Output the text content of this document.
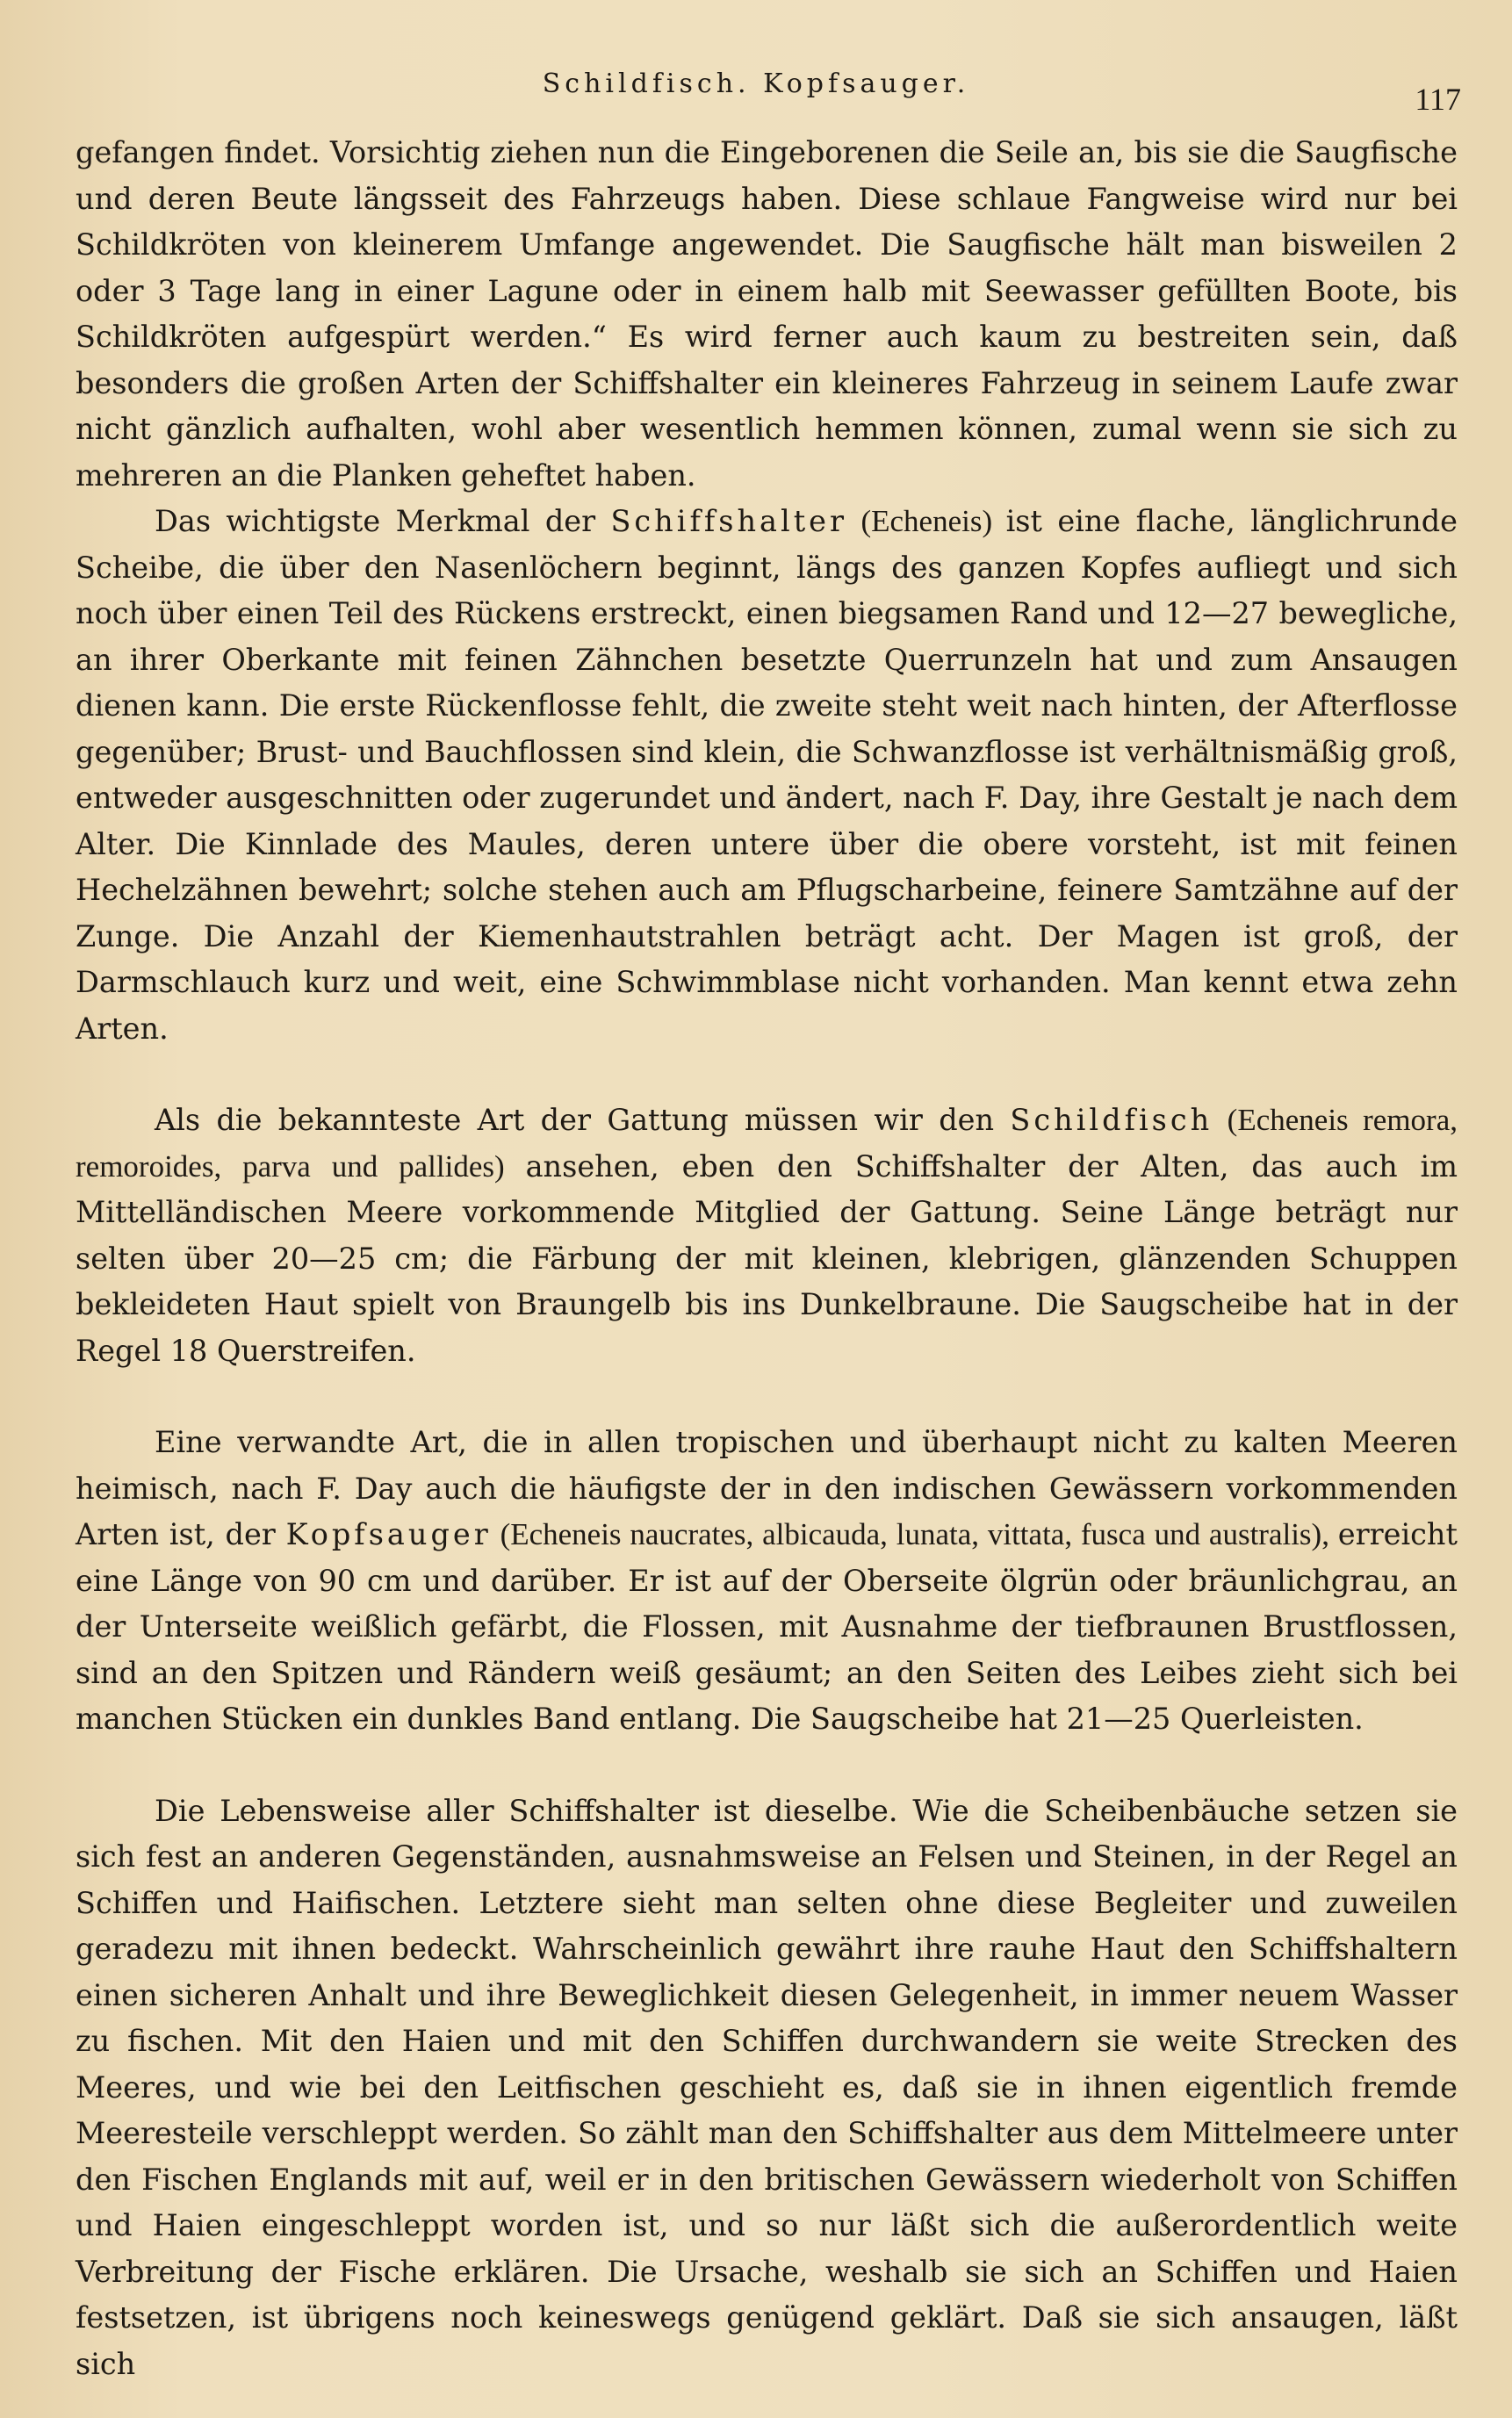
Schildfisch. Kopfsauger.	117

gefangen findet. Vorsichtig ziehen nun die Eingeborenen die Seile an, bis sie die Saugfische und deren Beute längsseit des Fahrzeugs haben. Diese schlaue Fangweise wird nur bei Schildkröten von kleinerem Umfange angewendet. Die Saugfische hält man bisweilen 2 oder 3 Tage lang in einer Lagune oder in einem halb mit Seewasser gefüllten Boote, bis Schildkröten aufgespürt werden.“ Es wird ferner auch kaum zu bestreiten sein, daß besonders die großen Arten der Schiffshalter ein kleineres Fahrzeug in seinem Laufe zwar nicht gänzlich aufhalten, wohl aber wesentlich hemmen können, zumal wenn sie sich zu mehreren an die Planken geheftet haben.

Das wichtigste Merkmal der Schiffshalter (Echeneis) ist eine flache, länglichrunde Scheibe, die über den Nasenlöchern beginnt, längs des ganzen Kopfes aufliegt und sich noch über einen Teil des Rückens erstreckt, einen biegsamen Rand und 12—27 bewegliche, an ihrer Oberkante mit feinen Zähnchen besetzte Querrunzeln hat und zum Ansaugen dienen kann. Die erste Rückenflosse fehlt, die zweite steht weit nach hinten, der Afterflosse gegenüber; Brust- und Bauchflossen sind klein, die Schwanzflosse ist verhältnismäßig groß, entweder ausgeschnitten oder zugerundet und ändert, nach F. Day, ihre Gestalt je nach dem Alter. Die Kinnlade des Maules, deren untere über die obere vorsteht, ist mit feinen Hechelzähnen bewehrt; solche stehen auch am Pflugscharbeine, feinere Samtzähne auf der Zunge. Die Anzahl der Kiemenhautstrahlen beträgt acht. Der Magen ist groß, der Darmschlauch kurz und weit, eine Schwimmblase nicht vorhanden. Man kennt etwa zehn Arten.

Als die bekannteste Art der Gattung müssen wir den Schildfisch (Echeneis remora, remoroides, parva und pallides) ansehen, eben den Schiffshalter der Alten, das auch im Mittelländischen Meere vorkommende Mitglied der Gattung. Seine Länge beträgt nur selten über 20—25 cm; die Färbung der mit kleinen, klebrigen, glänzenden Schuppen bekleideten Haut spielt von Braungelb bis ins Dunkelbraune. Die Saugscheibe hat in der Regel 18 Querstreifen.

Eine verwandte Art, die in allen tropischen und überhaupt nicht zu kalten Meeren heimisch, nach F. Day auch die häufigste der in den indischen Gewässern vorkommenden Arten ist, der Kopfsauger (Echeneis naucrates, albicauda, lunata, vittata, fusca und australis), erreicht eine Länge von 90 cm und darüber. Er ist auf der Oberseite ölgrün oder bräunlichgrau, an der Unterseite weißlich gefärbt, die Flossen, mit Ausnahme der tiefbraunen Brustflossen, sind an den Spitzen und Rändern weiß gesäumt; an den Seiten des Leibes zieht sich bei manchen Stücken ein dunkles Band entlang. Die Saugscheibe hat 21—25 Querleisten.

Die Lebensweise aller Schiffshalter ist dieselbe. Wie die Scheibenbäuche setzen sie sich fest an anderen Gegenständen, ausnahmsweise an Felsen und Steinen, in der Regel an Schiffen und Haifischen. Letztere sieht man selten ohne diese Begleiter und zuweilen geradezu mit ihnen bedeckt. Wahrscheinlich gewährt ihre rauhe Haut den Schiffshaltern einen sicheren Anhalt und ihre Beweglichkeit diesen Gelegenheit, in immer neuem Wasser zu fischen. Mit den Haien und mit den Schiffen durchwandern sie weite Strecken des Meeres, und wie bei den Leitfischen geschieht es, daß sie in ihnen eigentlich fremde Meeresteile verschleppt werden. So zählt man den Schiffshalter aus dem Mittelmeere unter den Fischen Englands mit auf, weil er in den britischen Gewässern wiederholt von Schiffen und Haien eingeschleppt worden ist, und so nur läßt sich die außerordentlich weite Verbreitung der Fische erklären. Die Ursache, weshalb sie sich an Schiffen und Haien festsetzen, ist übrigens noch keineswegs genügend geklärt. Daß sie sich ansaugen, läßt sich
